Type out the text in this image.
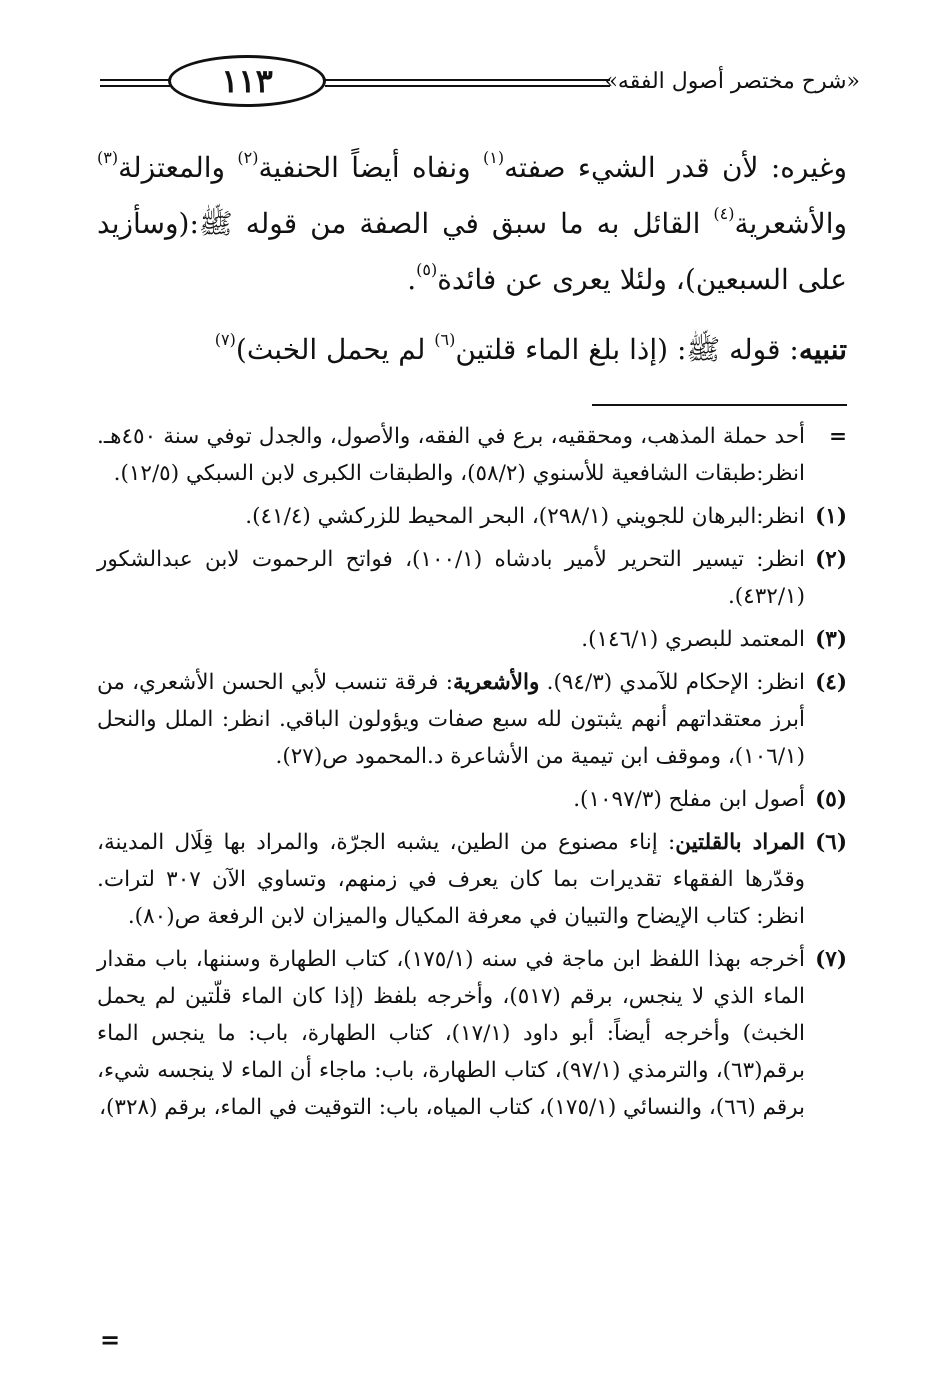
«شرح مختصر أصول الفقه»
١١٣

وغيره: لأن قدر الشيء صفته$^{(١)}$ ونفاه أيضاً الحنفية$^{(٢)}$ والمعتزلة$^{(٣)}$ والأشعرية$^{(٤)}$ القائل به ما سبق في الصفة من قوله ﷺ:(وسأزيد على السبعين)، ولئلا يعرى عن فائدة$^{(٥)}$.

تنبيه: قوله ﷺ: (إذا بلغ الماء قلتين$^{(٦)}$ لم يحمل الخبث)$^{(٧)}$

=
أحد حملة المذهب، ومحققيه، برع في الفقه، والأصول، والجدل توفي سنة ٤٥٠هـ. انظر:طبقات الشافعية للأسنوي (٥٨/٢)، والطبقات الكبرى لابن السبكي (١٢/٥).
(١)
انظر:البرهان للجويني (٢٩٨/١)، البحر المحيط للزركشي (٤١/٤).
(٢)
انظر: تيسير التحرير لأمير بادشاه (١٠٠/١)، فواتح الرحموت لابن عبدالشكور (٤٣٢/١).
(٣)
المعتمد للبصري (١٤٦/١).
(٤)
انظر: الإحكام للآمدي (٩٤/٣). والأشعرية: فرقة تنسب لأبي الحسن الأشعري، من أبرز معتقداتهم أنهم يثبتون لله سبع صفات ويؤولون الباقي. انظر: الملل والنحل (١٠٦/١)، وموقف ابن تيمية من الأشاعرة د.المحمود ص(٢٧).
(٥)
أصول ابن مفلح (١٠٩٧/٣).
(٦)
المراد بالقلتين: إناء مصنوع من الطين، يشبه الجرّة، والمراد بها قِلَال المدينة، وقدّرها الفقهاء تقديرات بما كان يعرف في زمنهم، وتساوي الآن ٣٠٧ لترات. انظر: كتاب الإيضاح والتبيان في معرفة المكيال والميزان لابن الرفعة ص(٨٠).
(٧)
أخرجه بهذا اللفظ ابن ماجة في سنه (١٧٥/١)، كتاب الطهارة وسننها، باب مقدار الماء الذي لا ينجس، برقم (٥١٧)، وأخرجه بلفظ (إذا كان الماء قلّتين لم يحمل الخبث) وأخرجه أيضاً: أبو داود (١٧/١)، كتاب الطهارة، باب: ما ينجس الماء برقم(٦٣)، والترمذي (٩٧/١)، كتاب الطهارة، باب: ماجاء أن الماء لا ينجسه شيء، برقم (٦٦)، والنسائي (١٧٥/١)، كتاب المياه، باب: التوقيت في الماء، برقم (٣٢٨)،
=
